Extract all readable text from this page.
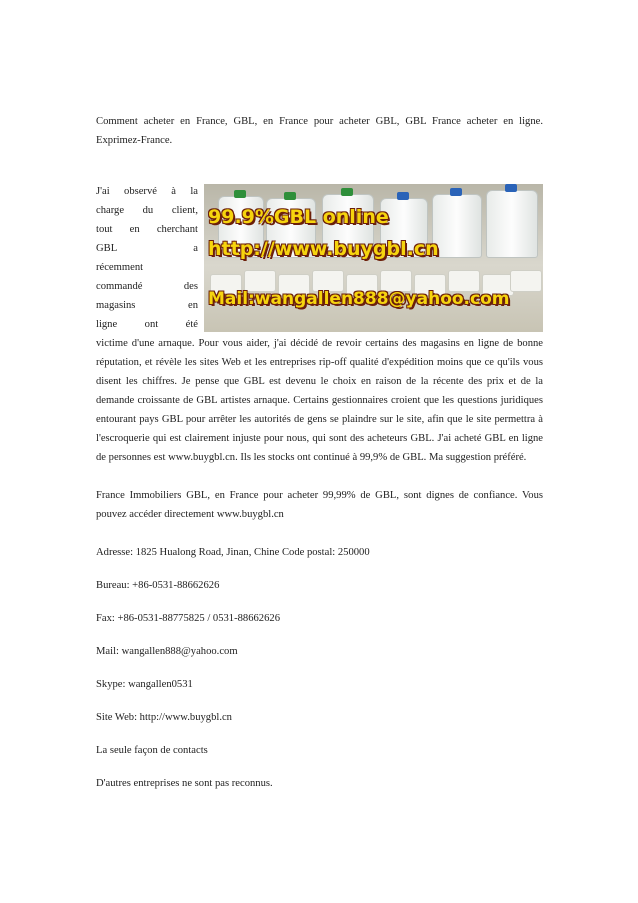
Comment acheter en France, GBL, en France pour acheter GBL, GBL France acheter en ligne. Exprimez-France.

J'ai observé à la
charge du client,
tout en cherchant
GBL a
récemment
commandé des
magasins en
ligne ont été
99.9%GBL online
http://www.buygbl.cn
Mail:wangallen888@yahoo.com

victime d'une arnaque. Pour vous aider, j'ai décidé de revoir certains des magasins en ligne de bonne réputation, et révèle les sites Web et les entreprises rip-off qualité d'expédition moins que ce qu'ils vous disent les chiffres. Je pense que GBL est devenu le choix en raison de la récente des prix et de la demande croissante de GBL artistes arnaque. Certains gestionnaires croient que les questions juridiques entourant pays GBL pour arrêter les autorités de gens se plaindre sur le site, afin que le site permettra à l'escroquerie qui est clairement injuste pour nous, qui sont des acheteurs GBL. J'ai acheté GBL en ligne de personnes est www.buygbl.cn. Ils les stocks ont continué à 99,9% de GBL. Ma suggestion préféré.

France Immobiliers GBL, en France pour acheter 99,99% de GBL, sont dignes de confiance. Vous pouvez accéder directement www.buygbl.cn

Adresse: 1825 Hualong Road, Jinan, Chine Code postal: 250000

Bureau: +86-0531-88662626

Fax: +86-0531-88775825 / 0531-88662626

Mail: wangallen888@yahoo.com

Skype: wangallen0531

Site Web: http://www.buygbl.cn

La seule façon de contacts

D'autres entreprises ne sont pas reconnus.
